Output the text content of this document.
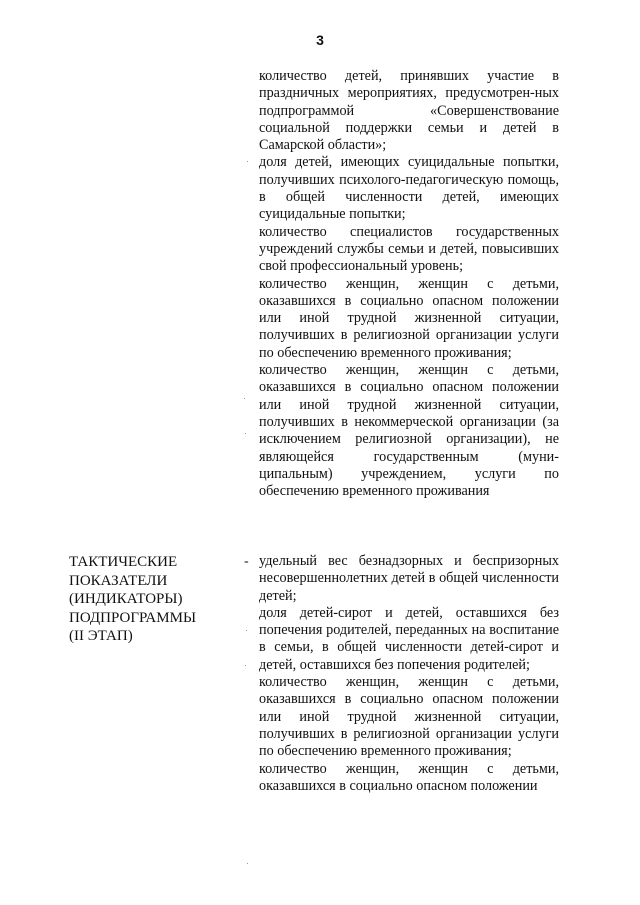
3
количество детей, принявших участие в праздничных мероприятиях, предусмотрен-ных подпрограммой «Совершенствование социальной поддержки семьи и детей в Самарской области»;
доля детей, имеющих суицидальные попытки, получивших психолого-педагогическую помощь, в общей численности детей, имеющих суицидальные попытки;
количество специалистов государственных учреждений службы семьи и детей, повысивших свой профессиональный уровень;
количество женщин, женщин с детьми, оказавшихся в социально опасном положении или иной трудной жизненной ситуации, получивших в религиозной организации услуги по обеспечению временного проживания;
количество женщин, женщин с детьми, оказавшихся в социально опасном положении или иной трудной жизненной ситуации, получивших в некоммерческой организации (за исключением религиозной организации), не являющейся государственным (муни-ципальным) учреждением, услуги по обеспечению временного проживания
ТАКТИЧЕСКИЕ
ПОКАЗАТЕЛИ
(ИНДИКАТОРЫ)
ПОДПРОГРАММЫ
(II ЭТАП)
- удельный вес безнадзорных и беспризорных несовершеннолетних детей в общей численности детей;
доля детей-сирот и детей, оставшихся без попечения родителей, переданных на воспитание в семьи, в общей численности детей-сирот и детей, оставшихся без попечения родителей;
количество женщин, женщин с детьми, оказавшихся в социально опасном положении или иной трудной жизненной ситуации, получивших в религиозной организации услуги по обеспечению временного проживания;
количество женщин, женщин с детьми, оказавшихся в социально опасном положении
·
·
·
·
·
·
